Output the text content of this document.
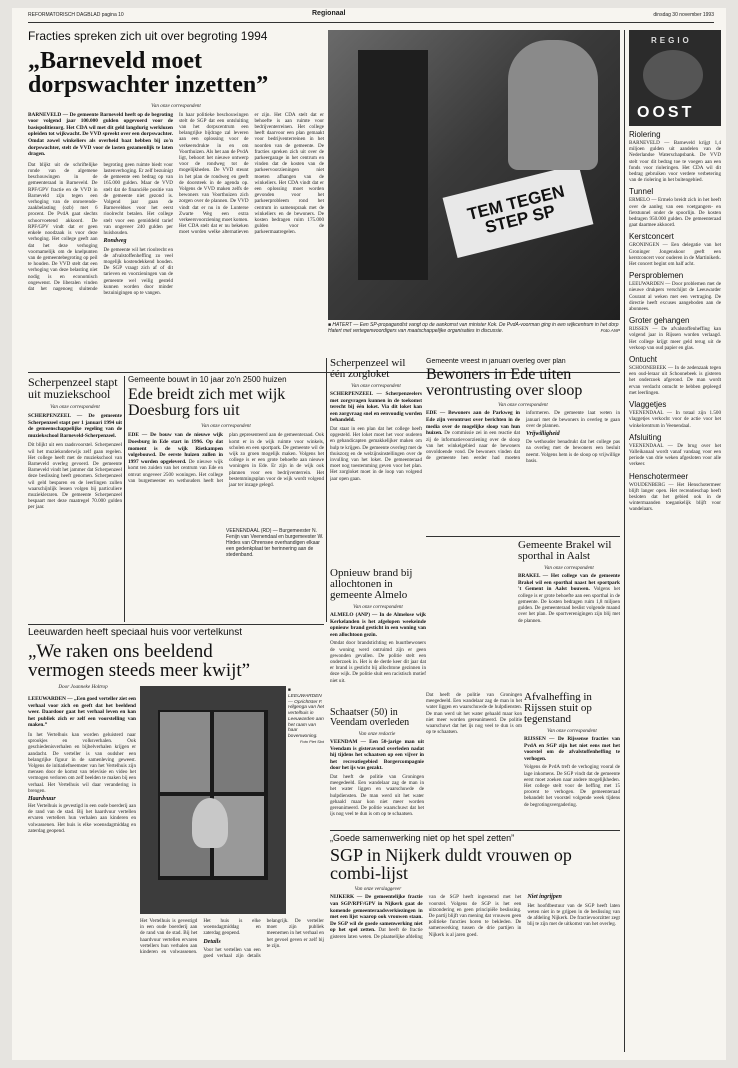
REFORMATORISCH DAGBLAD pagina 10	Regionaal	dinsdag 30 november 1993
Fracties spreken zich uit over begroting 1994
„Barneveld moet dorpswachter inzetten”
Van onze correspondent
BARNEVELD — De gemeente Barneveld heeft op de begroting voor volgend jaar 100.000 gulden opgevoerd voor de basispolitiezorg. Het CDA wil met dit geld langdurig werklozen opleiden tot wijkwacht. De VVD spreekt over een dorpswachter. Omdat zowel winkeliers als overheid baat hebben bij zo'n dorpswachter, stelt de VVD voor de lasten gezamenlijk te laten dragen.
Dat blijkt uit de schriftelijke ronde van de algemene beschouwingen in de gemeenteraad in Barneveld. De RPF/GPV fractie en de VVD in Barneveld zijn tegen een verhoging van de onroerende-zaakbelasting (ozb) met 6 procent. De PvdA gaat slechts schoorvoetend akkoord. De RPF/GPV vindt dat er geen enkele noodzaak is voor deze verhoging. Het college geeft aan dat het deze verhoging voornamelijk om de knelpunten van de gemeentebegroting op peil te houden. De VVD stelt dat een verhoging van deze belasting niet nodig is en economisch ongewenst. De liberalen vinden dat het nagenoeg sluitende begroting geen ruimte biedt voor lastenverhoging. Er zelf bezuinigt de gemeente een bedrag op van 165.000 gulden. Maar de VVD stelt dat de financiële positie van de gemeente niet gezond is. Volgend jaar gaan de Barneveldses voor het eerst rioolrecht betalen. Het college stelt voor een gemiddeld tarief van ongeveer 240 gulden per huishouden.
Rondweg
De gemeente wil het rioolrecht en de afvalstoffenheffing zo veel mogelijk kostendekkend houden. De SGP vraagt zich af of dit tarieven en voorzieningen van de gemeente wel veilig gesteld kunnen worden door minder bezuinigingen op te vangen.
In haar politieke beschouwingen stelt de SGP dat een ontsluiting van het dorpscentrum een belangrijke bijdrage zal leveren aan een oplossing voor de verkeersdrukte in en om Voorthuizen. Als het aan de PvdA ligt, behoort het nieuwe ontwerp voor de rondweg tot de mogelijkheden. De VVD steunt in het plan de rondweg en geeft de doorsteek in de agenda op. Volgens de VVD maken zelfs de bewoners van Voorthuizen zich zorgen over de plannen. De VVD vindt dat er nu in de Lunterse Zwarte Weg een extra verkeersvoorziening moet komen. Het CDA stelt dat er nu bekeken moet worden welke alternatieven er zijn. Het CDA stelt dat er behoefte is aan ruimte voor bedrijventerreinen. Het college heeft daarvoor een plan gemaakt voor bedrijventerreinen in het noorden van de gemeente. De fracties spreken zich uit over de parkeergarage in het centrum en vinden dat de kosten van de parkeervoorzieningen niet moeten afhangen van de winkeliers. Het CDA vindt dat er een oplossing moet worden gevonden voor het parkeerprobleem rond het centrum in samenspraak met de winkeliers en de bewoners. De kosten bedragen ruim 175.000 gulden voor de parkeermaatregelen.
TEM TEGEN STEP SP
■ HATERT — Een SP-propagandist vangt op de aankomst van minister Kok. De PvdA-voorman ging in een wijkcentrum in het dorp Hatert met vertegenwoordigers van maatschappelijke organisaties in discussie.	Foto ANP
REGIO
OOST
Riolering
BARNEVELD — Barneveld krijgt 1,4 miljoen gulden uit aandelen van de Nederlandse Waterschapsbank. De VVD stelt voor dit bedrag toe te voegen aan een fonds voor rioleringen. Het CDA wil dit bedrag gebruiken voor verdere verbetering van de riolering in het buitengebied.
Tunnel
ERMELO — Ermelo breidt zich in het heeft over de aanleg van een voetgangers- en fietstunnel onder de spoorlijn. De kosten bedragen 950.000 gulden. De gemeenteraad gaat daarmee akkoord.
Kerstconcert
GRONINGEN — Een delegatie van het Groninger Jongenskoor geeft een kerstconcert voor ouderen in de Martinikerk. Het concert begint om half acht.
Persproblemen
LEEUWARDEN — Door problemen met de nieuwe drukpers verschijnt de Leeuwarder Courant al weken met een vertraging. De directie heeft excuses aangeboden aan de abonnees.
Groter gehangen
RIJSSEN — De afvalstoffenheffing kan volgend jaar in Rijssen worden verlaagd. Het college krijgt meer geld terug uit de verkoop van oud papier en glas.
Ontucht
SCHOONEBEEK — In de zedenzaak tegen een oud-leraar uit Schoonebeek is gisteren het onderzoek afgerond. De man wordt ervan verdacht ontucht te hebben gepleegd met leerlingen.
Vlaggetjes
VEENENDAAL — In totaal zijn 1.500 vlaggetjes verkocht voor de actie voor het winkelcentrum in Veenendaal.
Afsluiting
VEENENDAAL — De brug over het Valleikanaal wordt vanaf vandaag voor een periode van drie weken afgesloten voor alle verkeer.
Henschotermeer
WOUDENBERG — Het Henschotermeer blijft langer open. Het recreatieschap heeft besloten dat het gebied ook in de wintermaanden toegankelijk blijft voor wandelaars.
Scherpenzeel stapt uit muziekschool
Van onze correspondent
SCHERPENZEEL — De gemeente Scherpenzeel stapt per 1 januari 1994 uit de gemeenschappelijke regeling van de muziekschool Barneveld-Scherpenzeel.
Dit blijkt uit een raadsvoorstel. Scherpenzeel wil het muziekonderwijs zelf gaan regelen. Het college heeft met de muziekschool van Barneveld overleg gevoerd. De gemeente Barneveld vindt het jammer dat Scherpenzeel deze beslissing heeft genomen. Scherpenzeel wil geld besparen en de leerlingen zullen waarschijnlijk lessen volgen bij particuliere muziekleraren. De gemeente Scherpenzeel bespaart met deze maatregel 70.000 gulden per jaar.
Gemeente bouwt in 10 jaar zo'n 2500 huizen
Ede breidt zich met wijk Doesburg fors uit
Van onze correspondent
EDE — De bouw van de nieuwe wijk Doesburg in Ede start in 1996. Op dat moment is de wijk Rietkampen volgebouwd. De eerste huizen zullen in 1997 worden opgeleverd. De nieuwe wijk komt ten zuiden van het centrum van Ede en omvat ongeveer 2500 woningen. Het college van burgemeester en wethouders heeft het plan gepresenteerd aan de gemeenteraad. Ook komt er in de wijk ruimte voor winkels, scholen en een sportpark. De gemeente wil de wijk zo groen mogelijk maken. Volgens het college is er een grote behoefte aan nieuwe woningen in Ede. Er zijn in de wijk ook plannen voor een bedrijventerrein. Het bestemmingsplan voor de wijk wordt volgend jaar ter inzage gelegd.
VEENENDAAL (RD) — Burgemeester N. Fenijn van Veenendaal en burgemeester W. Hirdes van Ohrensee overhandigen elkaar een gedenkplaat ter herinnering aan de stedenband.
Scherpenzeel wil één zorgloket
Van onze correspondent
SCHERPENZEEL — Scherpenzeelers met zorgvragen kunnen in de toekomst terecht bij één loket. Via dit loket kan een zorgvraag snel en eenvoudig worden behandeld.
Dat staat in een plan dat het college heeft opgesteld. Het loket moet het voor ouderen en gehandicapten gemakkelijker maken om hulp te krijgen. De gemeente overlegt met de thuiszorg en de welzijnsinstellingen over de invulling van het loket. De gemeenteraad moet nog toestemming geven voor het plan. Het zorgloket moet in de loop van volgend jaar open gaan.
Gemeente vreest in januari overleg over plan
Bewoners in Ede uiten verontrusting over sloop
Van onze correspondent
EDE — Bewoners aan de Parkweg in Ede zijn verontrust over berichten in de media over de mogelijke sloop van hun huizen. De commissie zei in een reactie dat zij de informatievoorziening over de sloop van het winkelgebied naar de bewoners onvoldoende vond. De bewoners vinden dat de gemeente hen eerder had moeten informeren. De gemeente laat weten in januari met de bewoners in overleg te gaan over de plannen.
Vrijwilligheid
De wethouder benadrukt dat het college pas na overleg met de bewoners een besluit neemt. Volgens hem is de sloop op vrijwillige basis.
Opnieuw brand bij allochtonen in gemeente Almelo
Van onze correspondent
ALMELO (ANP) — In de Almelose wijk Kerkelanden is het afgelopen weekeinde opnieuw brand gesticht in een woning van een allochtoon gezin.
Omdat door brandstichting en buurtbewoners de woning werd ontruimd zijn er geen gewonden gevallen. De politie stelt een onderzoek in. Het is de derde keer dit jaar dat er brand is gesticht bij allochtone gezinnen in deze wijk. De politie sluit een racistisch motief niet uit.
Gemeente Brakel wil sporthal in Aalst
Van onze correspondent
BRAKEL — Het college van de gemeente Brakel wil een sporthal naast het sportpark 't Gement in Aalst bouwen. Volgens het college is er grote behoefte aan een sporthal in de gemeente. De kosten bedragen ruim 1,8 miljoen gulden. De gemeenteraad beslist volgende maand over het plan. De sportverenigingen zijn blij met de plannen.
Schaatser (50) in Veendam overleden
Van onze redactie
VEENDAM — Een 50-jarige man uit Veendam is gisteravond overleden nadat hij tijdens het schaatsen op een vijver in het recreatiegebied Borgercompagnie door het ijs was gezakt.
Dat heeft de politie van Groningen meegedeeld. Een wandelaar zag de man in het water liggen en waarschuwde de hulpdiensten. De man werd uit het water gehaald maar kon niet meer worden gereanimeerd. De politie waarschuwt dat het ijs nog veel te dun is om op te schaatsen.
Afvalheffing in Rijssen stuit op tegenstand
Van onze correspondent
RIJSSEN — De Rijssense fracties van PvdA en SGP zijn het niet eens met het voorstel om de afvalstoffenheffing te verhogen.
Volgens de PvdA treft de verhoging vooral de lage inkomens. De SGP vindt dat de gemeente eerst moet zoeken naar andere mogelijkheden. Het college stelt voor de heffing met 15 procent te verhogen. De gemeenteraad behandelt het voorstel volgende week tijdens de begrotingsvergadering.
Dat heeft de politie van Groningen meegedeeld. Een wandelaar zag de man in het water liggen en waarschuwde de hulpdiensten. De man werd uit het water gehaald maar kon niet meer worden gereanimeerd. De politie waarschuwt dat het ijs nog veel te dun is om op te schaatsen.
Leeuwarden heeft speciaal huis voor vertelkunst
„We raken ons beeldend vermogen steeds meer kwijt”
Door Joanneke Holtrop
LEEUWARDEN — „Een goed verteller ziet een verhaal voor zich en geeft dat het beeldend weer. Daardoor gaat het verhaal leven en kan het publiek zich er zelf een voorstelling van maken.”
In het Vertelhuis kan worden geluisterd naar sprookjes en volksverhalen. Ook geschiedenisverhalen en bijbelverhalen krijgen er aandacht. De verteller is van oudsher een belangrijke figuur in de samenleving geweest. Volgens de initiatiefneemster van het Vertelhuis zijn mensen door de komst van televisie en video het vermogen verloren om zelf beelden te maken bij een verhaal. Het Vertelhuis wil daar verandering in brengen.
Haardvuur
Het Vertelhuis is gevestigd in een oude boerderij aan de rand van de stad. Bij het haardvuur vertellen ervaren vertellers hun verhalen aan kinderen en volwassenen. Het huis is elke woensdagmiddag en zaterdag geopend.
■ LEEUWARDEN — Oprichtster F. Hilgenga van het vertelhuis in Leeuwarden aan het raam van haar bovenwoning.
Foto Piet Slot
Het Vertelhuis is gevestigd in een oude boerderij aan de rand van de stad. Bij het haardvuur vertellen ervaren vertellers hun verhalen aan kinderen en volwassenen. Het huis is elke woensdagmiddag en zaterdag geopend.
Details
Voor het vertellen van een goed verhaal zijn details belangrijk. De verteller moet zijn publiek meenemen in het verhaal en het gevoel geven er zelf bij te zijn.
„Goede samenwerking niet op het spel zetten”
SGP in Nijkerk duldt vrouwen op combi-lijst
Van onze verslaggever
NIJKERK — De gemeentelijke fractie van SGP/RPF/GPV in Nijkerk gaat de komende gemeenteraadsverkiezingen in met een lijst waarop ook vrouwen staan. De SGP wil de goede samenwerking niet op het spel zetten. Dat heeft de fractie gisteren laten weten. De plaatselijke afdeling van de SGP heeft ingestemd met het voorstel. Volgens de SGP is het een uitzondering en geen principiële beslissing. De partij blijft van mening dat vrouwen geen politieke functies horen te bekleden. De samenwerking tussen de drie partijen in Nijkerk is al jaren goed.
Niet ingrijpen
Het hoofdbestuur van de SGP heeft laten weten niet in te grijpen in de beslissing van de afdeling Nijkerk. De fractievoorzitter zegt blij te zijn met de uitkomst van het overleg.
